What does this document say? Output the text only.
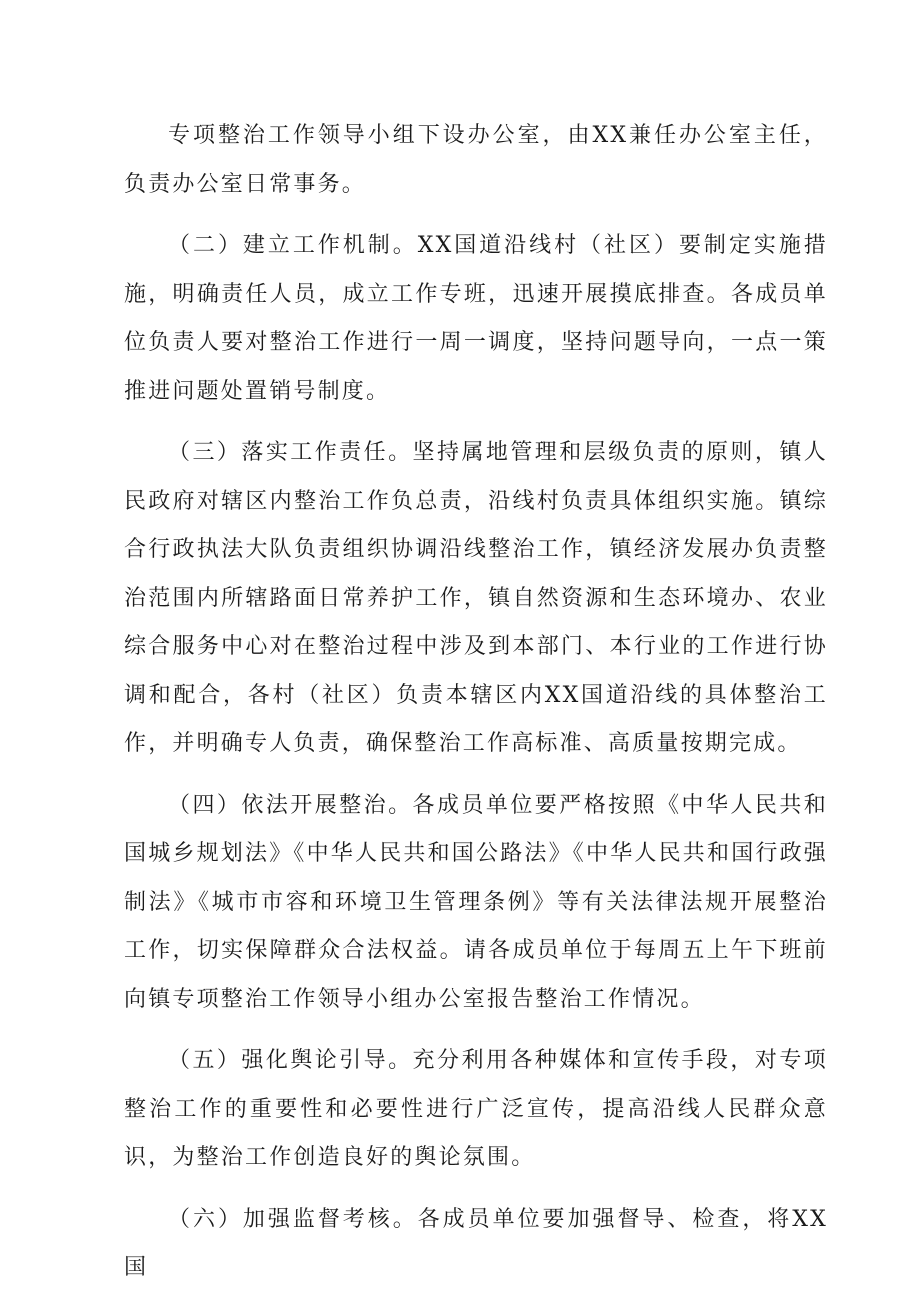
专项整治工作领导小组下设办公室，由XX兼任办公室主任，负责办公室日常事务。

（二）建立工作机制。XX国道沿线村（社区）要制定实施措施，明确责任人员，成立工作专班，迅速开展摸底排查。各成员单位负责人要对整治工作进行一周一调度，坚持问题导向，一点一策推进问题处置销号制度。

（三）落实工作责任。坚持属地管理和层级负责的原则，镇人民政府对辖区内整治工作负总责，沿线村负责具体组织实施。镇综合行政执法大队负责组织协调沿线整治工作，镇经济发展办负责整治范围内所辖路面日常养护工作，镇自然资源和生态环境办、农业综合服务中心对在整治过程中涉及到本部门、本行业的工作进行协调和配合，各村（社区）负责本辖区内XX国道沿线的具体整治工作，并明确专人负责，确保整治工作高标准、高质量按期完成。

（四）依法开展整治。各成员单位要严格按照《中华人民共和国城乡规划法》《中华人民共和国公路法》《中华人民共和国行政强制法》《城市市容和环境卫生管理条例》等有关法律法规开展整治工作，切实保障群众合法权益。请各成员单位于每周五上午下班前向镇专项整治工作领导小组办公室报告整治工作情况。

（五）强化舆论引导。充分利用各种媒体和宣传手段，对专项整治工作的重要性和必要性进行广泛宣传，提高沿线人民群众意识，为整治工作创造良好的舆论氛围。

（六）加强监督考核。各成员单位要加强督导、检查，将XX国
